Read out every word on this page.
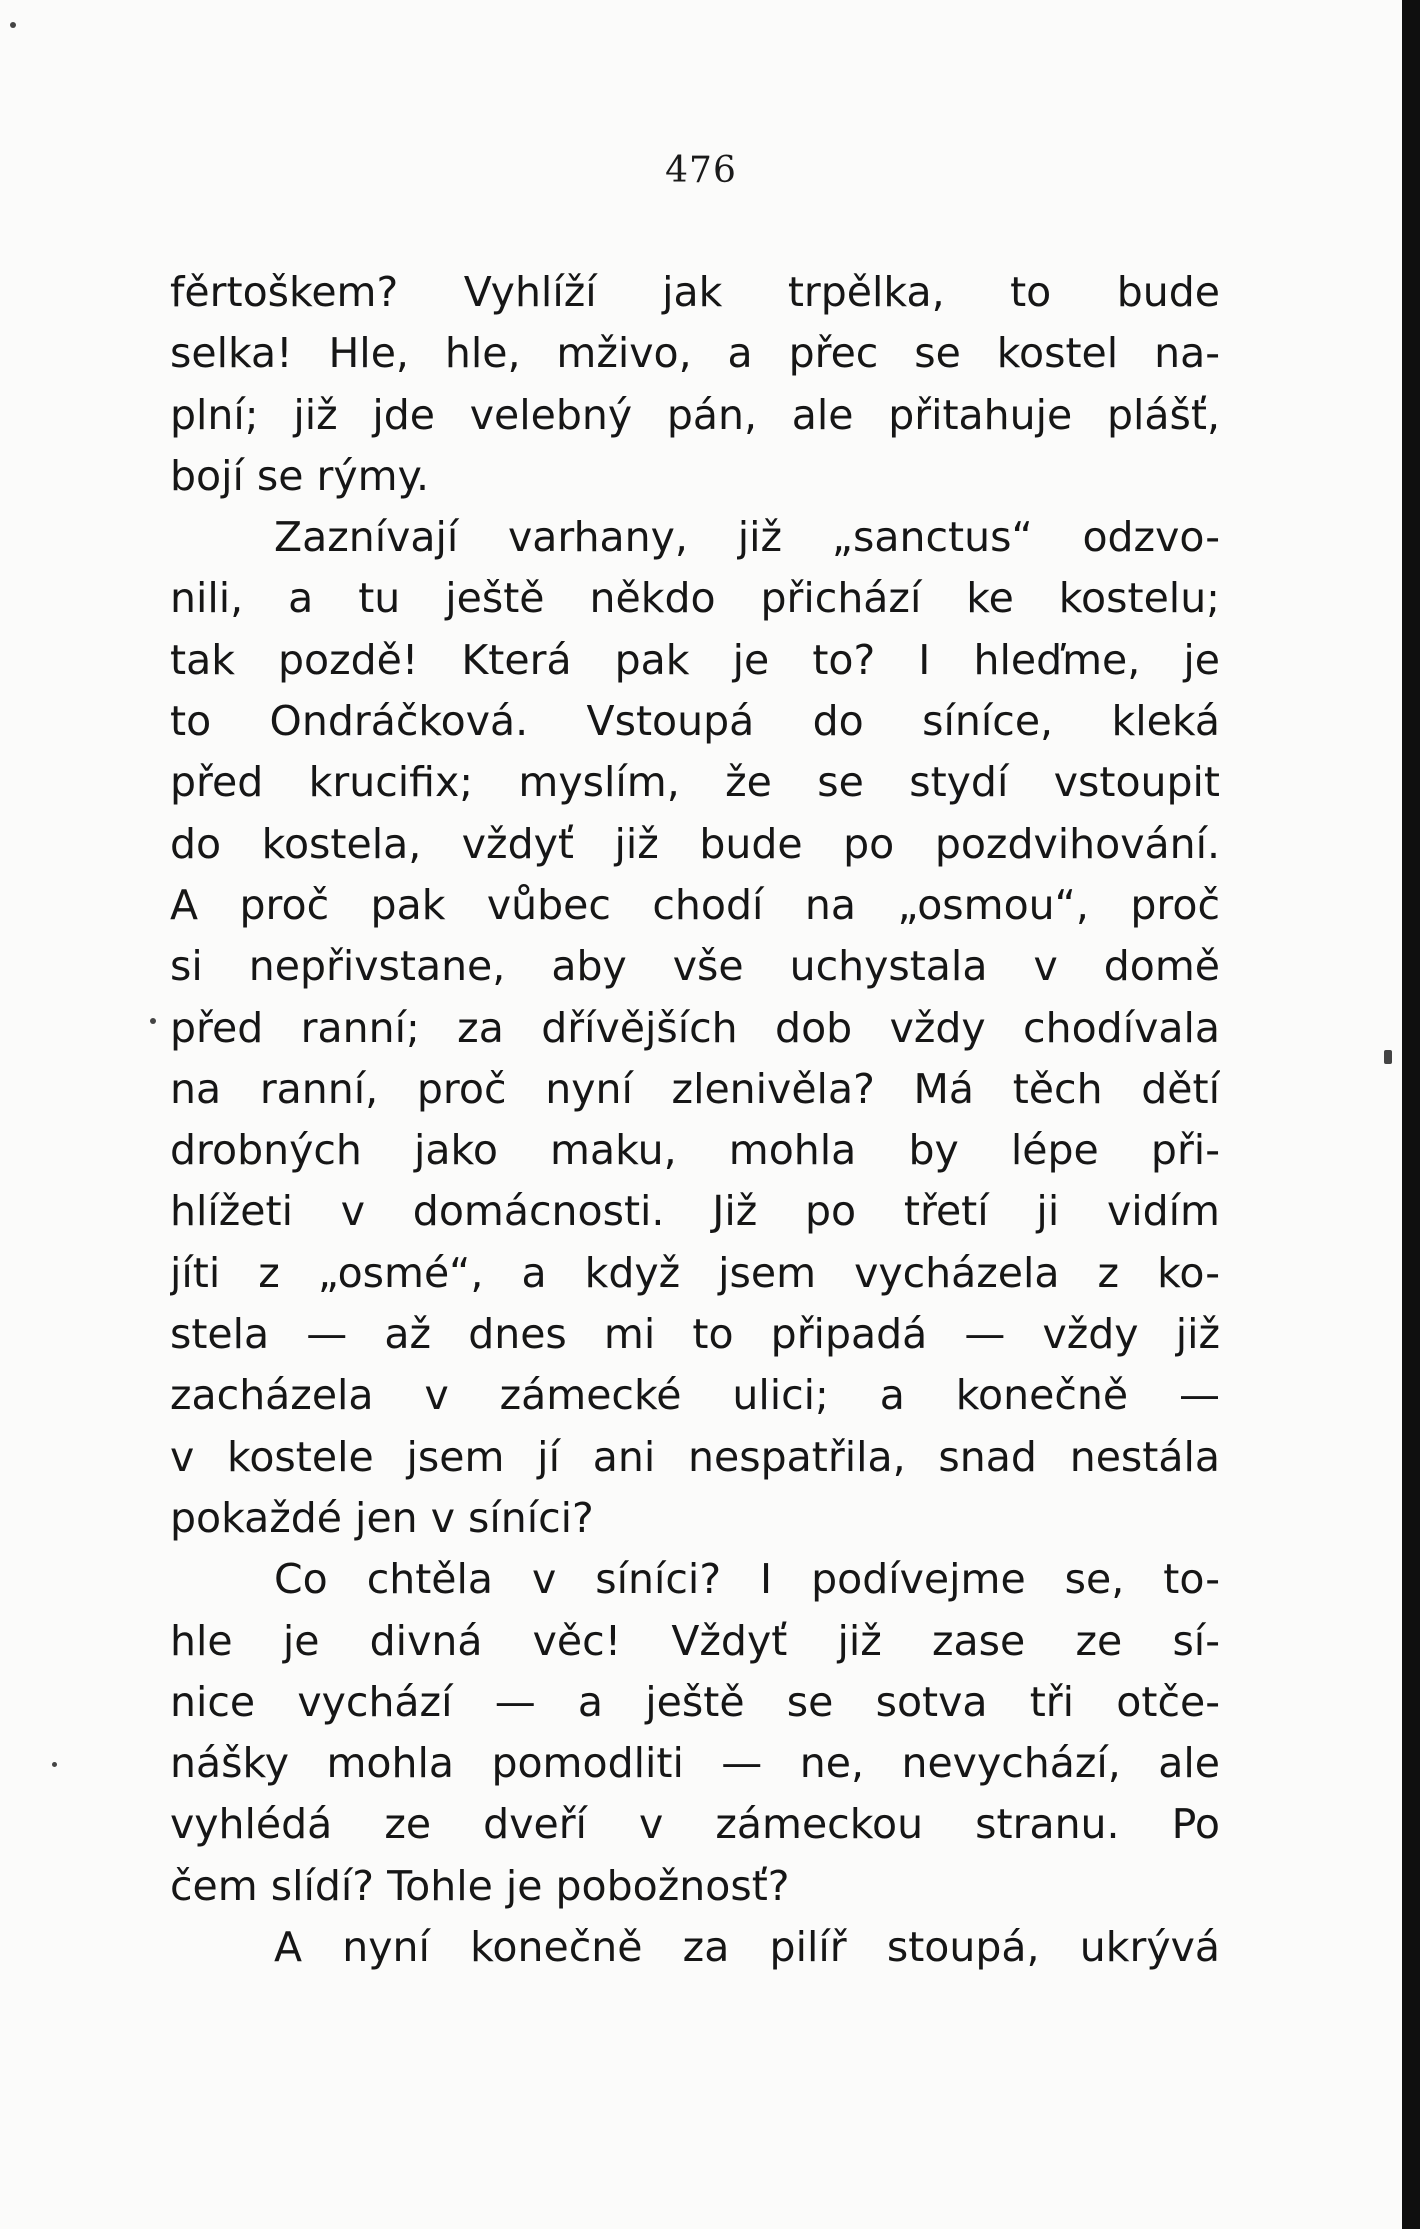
476
fěrtoškem? Vyhlíží jak trpělka, to bude
selka! Hle, hle, mživo, a přec se kostel na-
plní; již jde velebný pán, ale přitahuje plášť,
bojí se rýmy.
Zaznívají varhany, již „sanctus“ odzvo-
nili, a tu ještě někdo přichází ke kostelu;
tak pozdě! Která pak je to? I hleďme, je
to Ondráčková. Vstoupá do síníce, kleká
před krucifix; myslím, že se stydí vstoupit
do kostela, vždyť již bude po pozdvihování.
A proč pak vůbec chodí na „osmou“, proč
si nepřivstane, aby vše uchystala v domě
před ranní; za dřívějších dob vždy chodívala
na ranní, proč nyní zlenivěla? Má těch dětí
drobných jako maku, mohla by lépe při-
hlížeti v domácnosti. Již po třetí ji vidím
jíti z „osmé“, a když jsem vycházela z ko-
stela — až dnes mi to připadá — vždy již
zacházela v zámecké ulici; a konečně —
v kostele jsem jí ani nespatřila, snad nestála
pokaždé jen v síníci?
Co chtěla v síníci? I podívejme se, to-
hle je divná věc! Vždyť již zase ze sí-
nice vychází — a ještě se sotva tři otče-
nášky mohla pomodliti — ne, nevychází, ale
vyhlédá ze dveří v zámeckou stranu. Po
čem slídí? Tohle je pobožnosť?
A nyní konečně za pilíř stoupá, ukrývá
